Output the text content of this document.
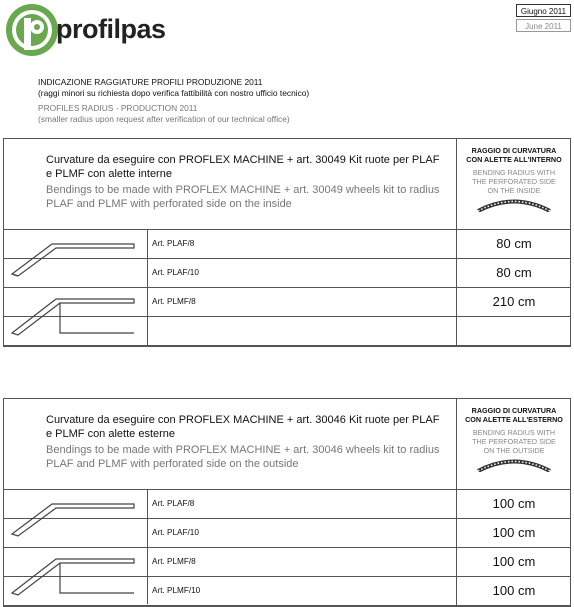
profilpas
Giugno 2011
June 2011
INDICAZIONE RAGGIATURE PROFILI PRODUZIONE 2011
(raggi minori su richiesta dopo verifica fattibilità con nostro ufficio tecnico)
PROFILES RADIUS - PRODUCTION 2011
(smaller radius upon request after verification of our technical office)
Curvature da eseguire con PROFLEX MACHINE + art. 30049 Kit ruote per PLAF e PLMF con alette interne
Bendings to be made with PROFLEX MACHINE + art. 30049 wheels kit to radius PLAF and PLMF with perforated side on the inside
RAGGIO DI CURVATURA
CON ALETTE ALL'INTERNO
BENDING RADIUS WITH
THE PERFORATED SIDE
ON THE INSIDE
Art. PLAF/8	80 cm
Art. PLAF/10	80 cm
Art. PLMF/8	210 cm
Curvature da eseguire con PROFLEX MACHINE + art. 30046 Kit ruote per PLAF e PLMF con alette esterne
Bendings to be made with PROFLEX MACHINE + art. 30046 wheels kit to radius PLAF and PLMF with perforated side on the outside
RAGGIO DI CURVATURA
CON ALETTE ALL'ESTERNO
BENDING RADIUS WITH
THE PERFORATED SIDE
ON THE OUTSIDE
Art. PLAF/8	100 cm
Art. PLAF/10	100 cm
Art. PLMF/8	100 cm
Art. PLMF/10	100 cm
